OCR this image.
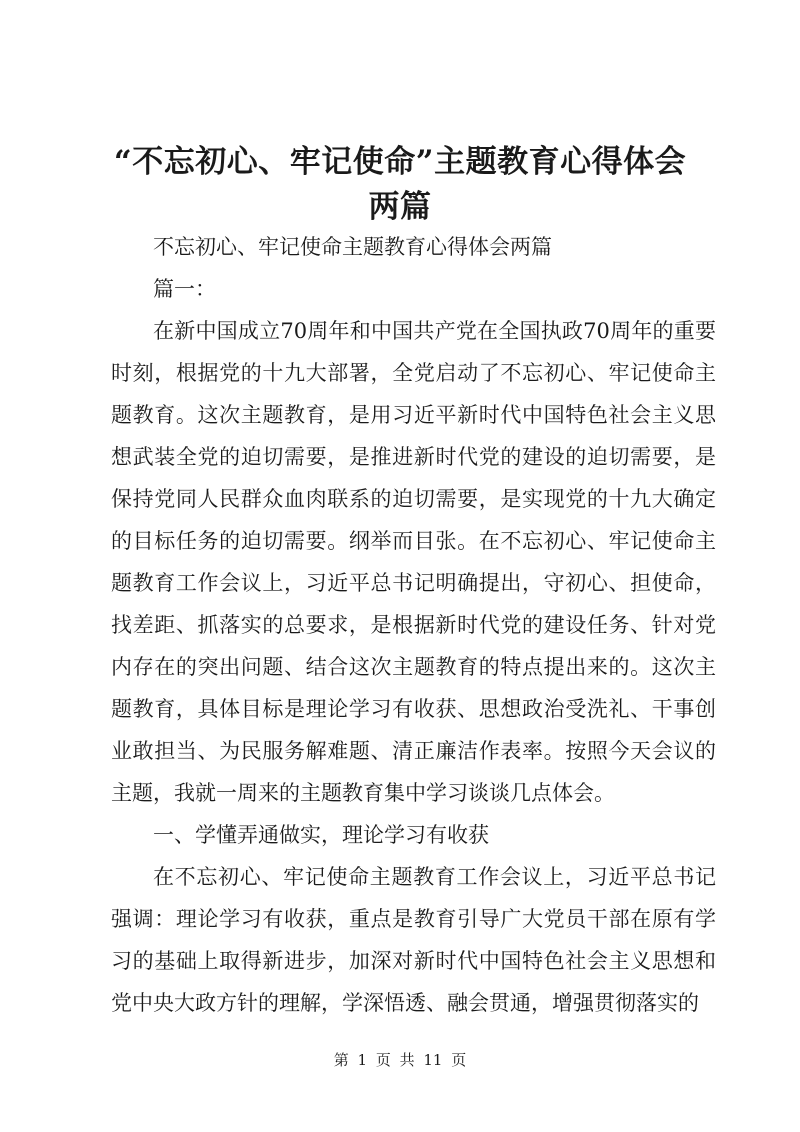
“不忘初心、牢记使命”主题教育心得体会两篇

不忘初心、牢记使命主题教育心得体会两篇

篇一：

在新中国成立70周年和中国共产党在全国执政70周年的重要时刻，根据党的十九大部署，全党启动了不忘初心、牢记使命主题教育。这次主题教育，是用习近平新时代中国特色社会主义思想武装全党的迫切需要，是推进新时代党的建设的迫切需要，是保持党同人民群众血肉联系的迫切需要，是实现党的十九大确定的目标任务的迫切需要。纲举而目张。在不忘初心、牢记使命主题教育工作会议上，习近平总书记明确提出，守初心、担使命，找差距、抓落实的总要求，是根据新时代党的建设任务、针对党内存在的突出问题、结合这次主题教育的特点提出来的。这次主题教育，具体目标是理论学习有收获、思想政治受洗礼、干事创业敢担当、为民服务解难题、清正廉洁作表率。按照今天会议的主题，我就一周来的主题教育集中学习谈谈几点体会。

一、学懂弄通做实，理论学习有收获

在不忘初心、牢记使命主题教育工作会议上，习近平总书记强调：理论学习有收获，重点是教育引导广大党员干部在原有学习的基础上取得新进步，加深对新时代中国特色社会主义思想和党中央大政方针的理解，学深悟透、融会贯通，增强贯彻落实的

第 1 页 共 11 页
